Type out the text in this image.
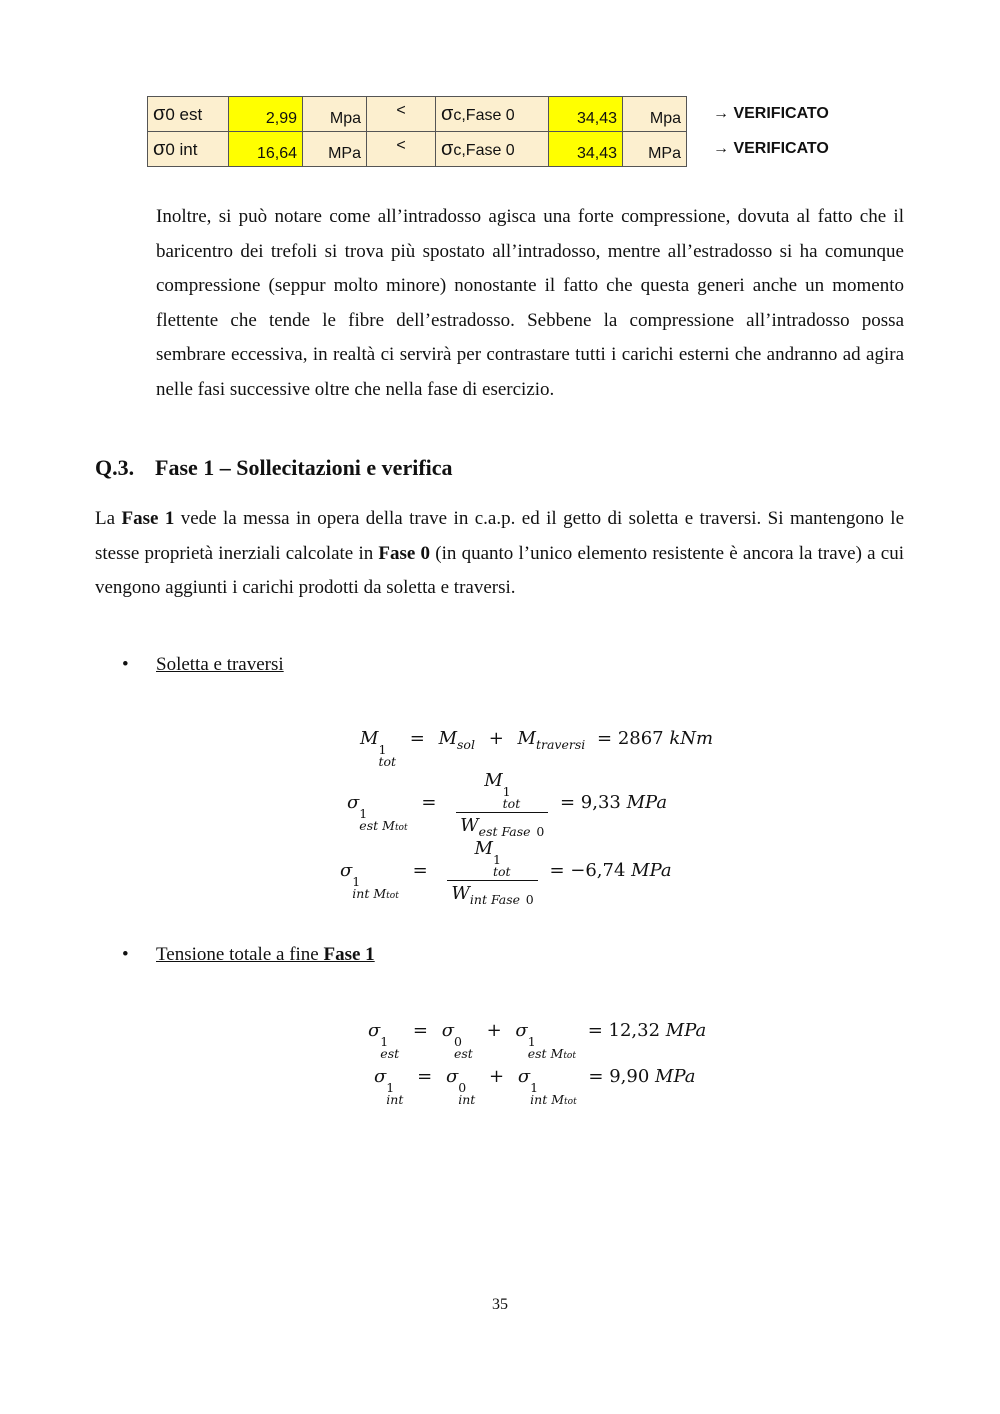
σ0 est	2,99	Mpa	<	σc,Fase 0	34,43	Mpa	→ VERIFICATO
σ0 int	16,64	MPa	<	σc,Fase 0	34,43	MPa	→ VERIFICATO

Inoltre, si può notare come all’intradosso agisca una forte compressione, dovuta al fatto che il baricentro dei trefoli si trova più spostato all’intradosso, mentre all’estradosso si ha comunque compressione (seppur molto minore) nonostante il fatto che questa generi anche un momento flettente che tende le fibre dell’estradosso. Sebbene la compressione all’intradosso possa sembrare eccessiva, in realtà ci servirà per contrastare tutti i carichi esterni che andranno ad agira nelle fasi successive oltre che nella fase di esercizio.

Q.3. Fase 1 – Sollecitazioni e verifica

La Fase 1 vede la messa in opera della trave in c.a.p. ed il getto di soletta e traversi. Si mantengono le stesse proprietà inerziali calcolate in Fase 0 (in quanto l’unico elemento resistente è ancora la trave) a cui vengono aggiunti i carichi prodotti da soletta e traversi.

• Soletta e traversi
M
1
tot
= $M_{sol} + M_{traversi} = 2867$ kNm
σ
1
est Mtot
= M
1
tot
$W_{est Fase}$ $_0$ = 9,33 MPa
σ
1
int Mtot
= M
1
tot
$W_{int Fase}$ $_0$ = −6,74 MPa
• Tensione totale a fine Fase 1
σ
1
est
= σ
0
est
+ σ
1
est Mtot
= 12,32 MPa
σ
1
int
= σ
0
int
+ σ
1
int Mtot
= 9,90 MPa
35
